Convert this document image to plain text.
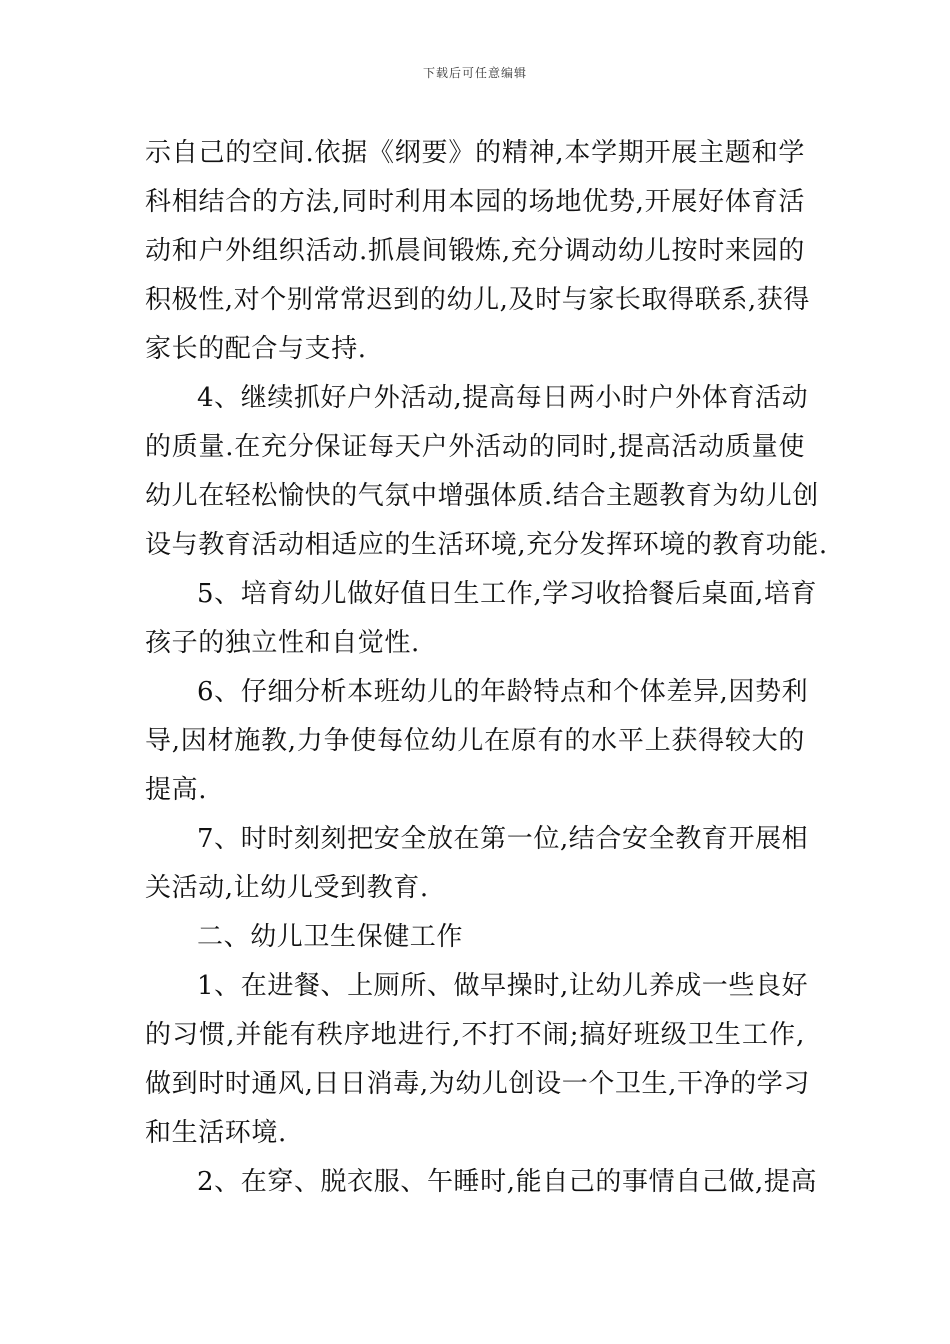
下载后可任意编辑
示自己的空间.依据《纲要》的精神,本学期开展主题和学
科相结合的方法,同时利用本园的场地优势,开展好体育活
动和户外组织活动.抓晨间锻炼,充分调动幼儿按时来园的
积极性,对个别常常迟到的幼儿,及时与家长取得联系,获得
家长的配合与支持.
4、继续抓好户外活动,提高每日两小时户外体育活动
的质量.在充分保证每天户外活动的同时,提高活动质量使
幼儿在轻松愉快的气氛中增强体质.结合主题教育为幼儿创
设与教育活动相适应的生活环境,充分发挥环境的教育功能.
5、培育幼儿做好值日生工作,学习收拾餐后桌面,培育
孩子的独立性和自觉性.
6、仔细分析本班幼儿的年龄特点和个体差异,因势利
导,因材施教,力争使每位幼儿在原有的水平上获得较大的
提高.
7、时时刻刻把安全放在第一位,结合安全教育开展相
关活动,让幼儿受到教育.
二、幼儿卫生保健工作
1、在进餐、上厕所、做早操时,让幼儿养成一些良好
的习惯,并能有秩序地进行,不打不闹;搞好班级卫生工作,
做到时时通风,日日消毒,为幼儿创设一个卫生,干净的学习
和生活环境.
2、在穿、脱衣服、午睡时,能自己的事情自己做,提高
